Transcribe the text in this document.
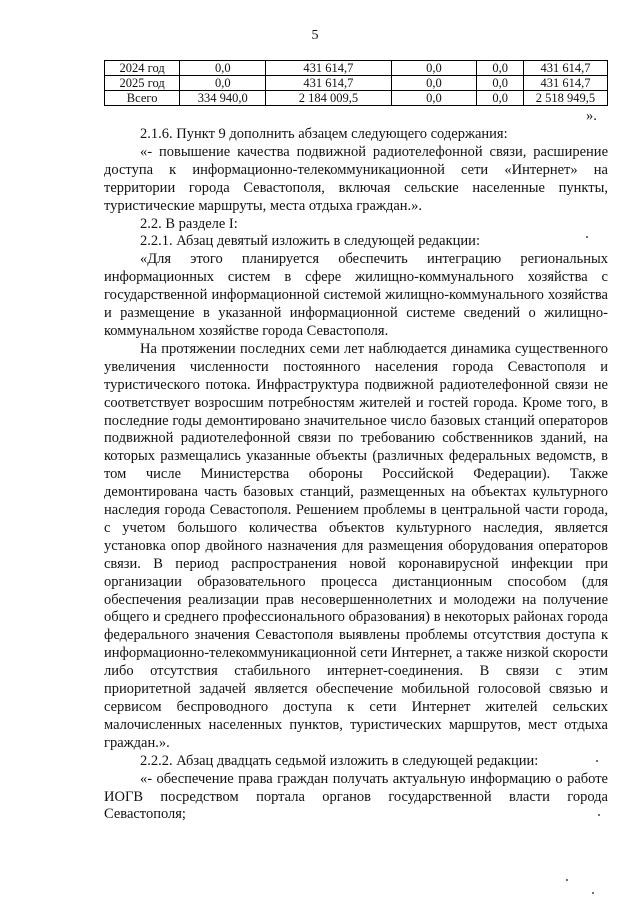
5
2024 год	0,0	431 614,7	0,0	0,0	431 614,7
2025 год	0,0	431 614,7	0,0	0,0	431 614,7
Всего	334 940,0	2 184 009,5	0,0	0,0	2 518 949,5
».

2.1.6. Пункт 9 дополнить абзацем следующего содержания:

«- повышение качества подвижной радиотелефонной связи, расширение доступа к информационно-телекоммуникационной сети «Интернет» на территории города Севастополя, включая сельские населенные пункты, туристические маршруты, места отдыха граждан.».

2.2. В разделе I:

2.2.1. Абзац девятый изложить в следующей редакции:

«Для этого планируется обеспечить интеграцию региональных информационных систем в сфере жилищно-коммунального хозяйства с государственной информационной системой жилищно-коммунального хозяйства и размещение в указанной информационной системе сведений о жилищно-коммунальном хозяйстве города Севастополя.

На протяжении последних семи лет наблюдается динамика существенного увеличения численности постоянного населения города Севастополя и туристического потока. Инфраструктура подвижной радиотелефонной связи не соответствует возросшим потребностям жителей и гостей города. Кроме того, в последние годы демонтировано значительное число базовых станций операторов подвижной радиотелефонной связи по требованию собственников зданий, на которых размещались указанные объекты (различных федеральных ведомств, в том числе Министерства обороны Российской Федерации). Также демонтирована часть базовых станций, размещенных на объектах культурного наследия города Севастополя. Решением проблемы в центральной части города, с учетом большого количества объектов культурного наследия, является установка опор двойного назначения для размещения оборудования операторов связи. В период распространения новой коронавирусной инфекции при организации образовательного процесса дистанционным способом (для обеспечения реализации прав несовершеннолетних и молодежи на получение общего и среднего профессионального образования) в некоторых районах города федерального значения Севастополя выявлены проблемы отсутствия доступа к информационно-телекоммуникационной сети Интернет, а также низкой скорости либо отсутствия стабильного интернет-соединения. В связи с этим приоритетной задачей является обеспечение мобильной голосовой связью и сервисом беспроводного доступа к сети Интернет жителей сельских малочисленных населенных пунктов, туристических маршрутов, мест отдыха граждан.».

2.2.2. Абзац двадцать седьмой изложить в следующей редакции:

«- обеспечение права граждан получать актуальную информацию о работе ИОГВ посредством портала органов государственной власти города Севастополя;
